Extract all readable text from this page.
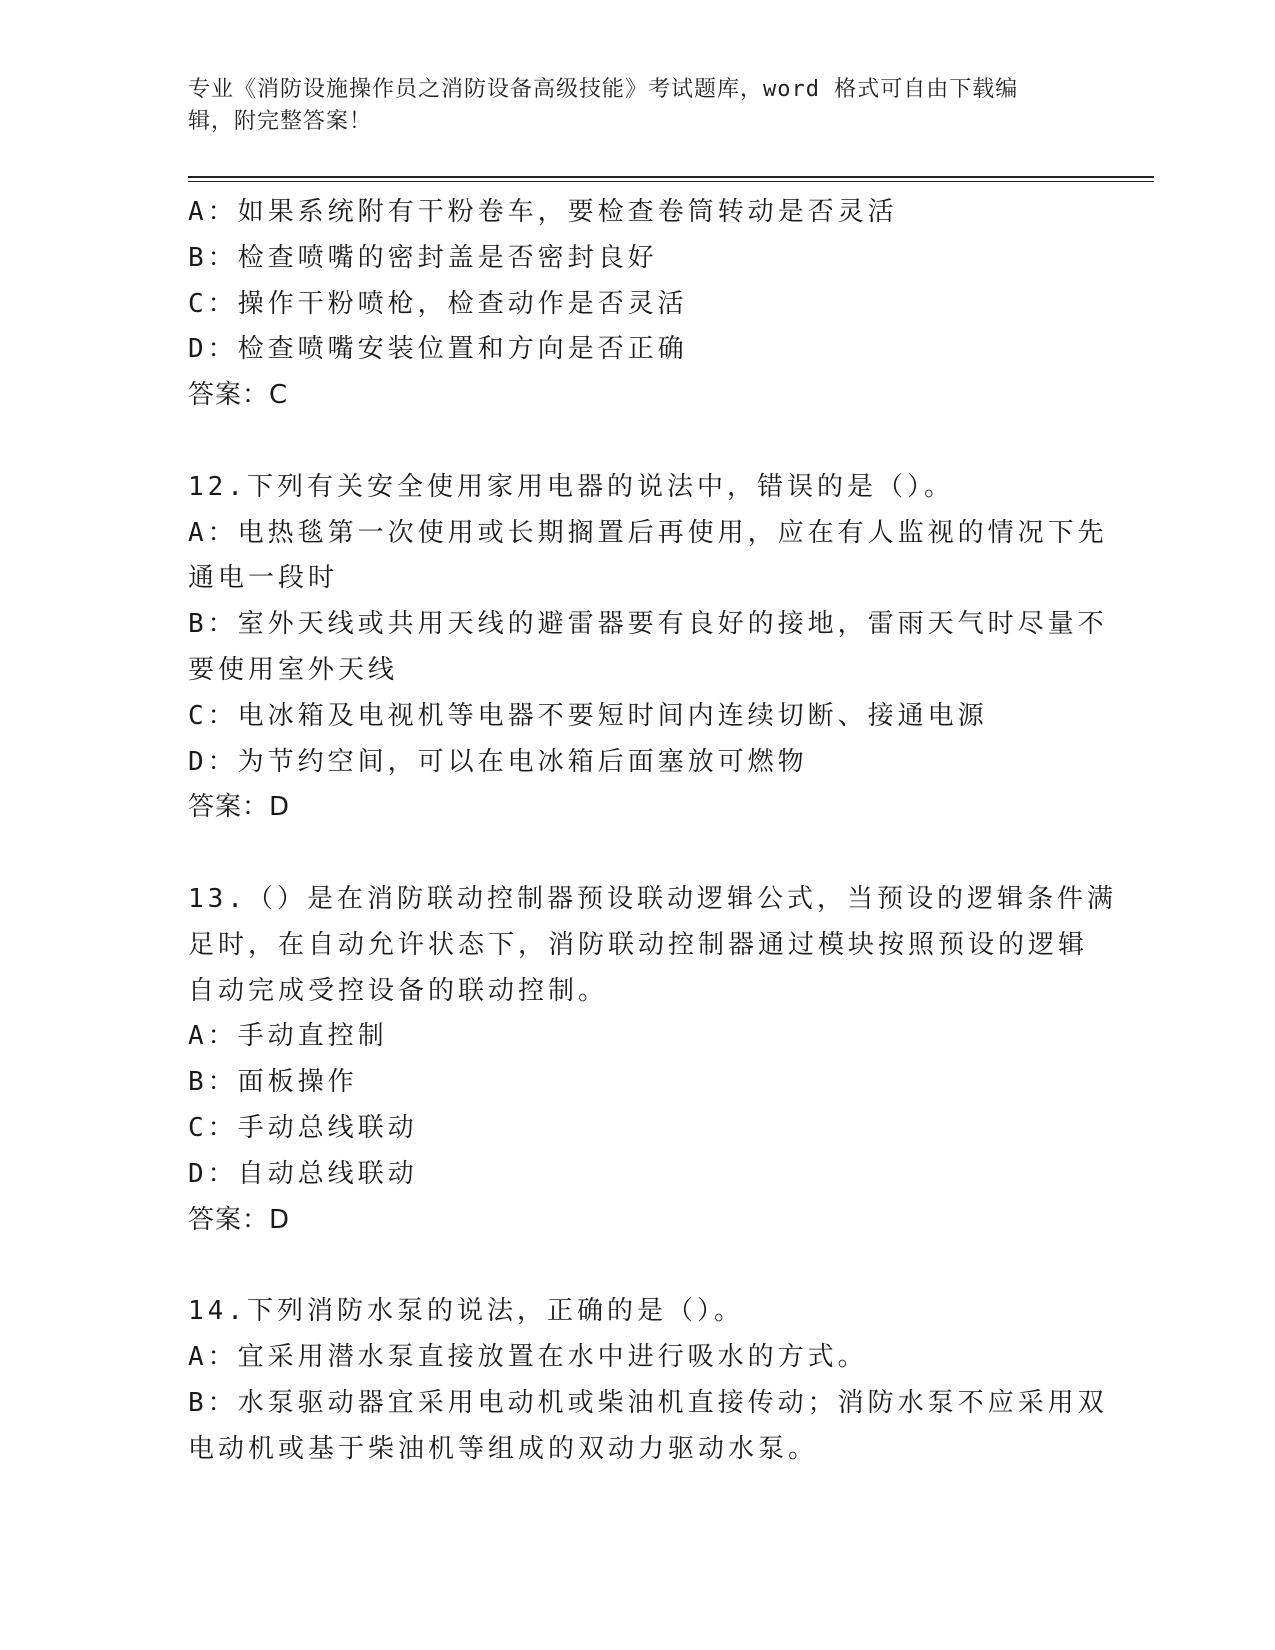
专业《消防设施操作员之消防设备高级技能》考试题库，word 格式可自由下载编
辑，附完整答案！
A：如果系统附有干粉卷车，要检查卷筒转动是否灵活
B：检查喷嘴的密封盖是否密封良好
C：操作干粉喷枪，检查动作是否灵活
D：检查喷嘴安装位置和方向是否正确
答案：C
12.下列有关安全使用家用电器的说法中，错误的是（）。
A：电热毯第一次使用或长期搁置后再使用，应在有人监视的情况下先
通电一段时
B：室外天线或共用天线的避雷器要有良好的接地，雷雨天气时尽量不
要使用室外天线
C：电冰箱及电视机等电器不要短时间内连续切断、接通电源
D：为节约空间，可以在电冰箱后面塞放可燃物
答案：D
13.（）是在消防联动控制器预设联动逻辑公式，当预设的逻辑条件满
足时，在自动允许状态下，消防联动控制器通过模块按照预设的逻辑
自动完成受控设备的联动控制。
A：手动直控制
B：面板操作
C：手动总线联动
D：自动总线联动
答案：D
14.下列消防水泵的说法，正确的是（）。
A：宜采用潜水泵直接放置在水中进行吸水的方式。
B：水泵驱动器宜采用电动机或柴油机直接传动；消防水泵不应采用双
电动机或基于柴油机等组成的双动力驱动水泵。
